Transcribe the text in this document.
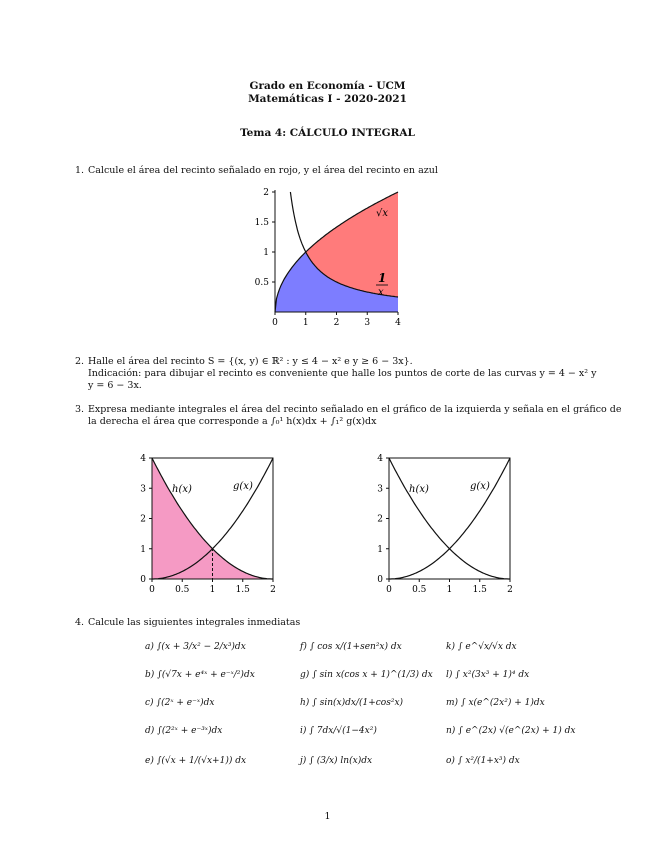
Grado en Economía - UCM
Matemáticas I - 2020-2021
Tema 4: CÁLCULO INTEGRAL
1. Calcule el área del recinto señalado en rojo, y el área del recinto en azul
0	1	2	3	4
0.5
1
1.5
2
√x
1
x
2. Halle el área del recinto S = {(x, y) ∈ ℝ² : y ≤ 4 − x² e y ≥ 6 − 3x}.
Indicación: para dibujar el recinto es conveniente que halle los puntos de corte de las curvas y = 4 − x² y
y = 6 − 3x.
3. Expresa mediante integrales el área del recinto señalado en el gráfico de la izquierda y señala en el gráfico de
la derecha el área que corresponde a ∫₀¹ h(x)dx + ∫₁² g(x)dx
0 0.5 1 1.5 2
0
1
2
3
4
h(x)	g(x)
0 0.5 1 1.5 2
0
1
2
3
4
h(x)	g(x)
4. Calcule las siguientes integrales inmediatas
a) ∫(x + 3/x² − 2/x³)dx
b) ∫(√7x + e⁴ˣ + e⁻ˣ/²)dx
c) ∫(2ˣ + e⁻ˣ)dx
d) ∫(2²ˣ + e⁻³ˣ)dx
e) ∫(√x + 1/(√x+1)) dx
f) ∫ cos x/(1+sen²x) dx
g) ∫ sin x(cos x + 1)^(1/3) dx
h) ∫ sin(x)dx/(1+cos²x)
i) ∫ 7dx/√(1−4x²)
j) ∫ (3/x) ln(x)dx
k) ∫ e^√x/√x dx
l) ∫ x²(3x³ + 1)⁴ dx
m) ∫ x(e^(2x²) + 1)dx
n) ∫ e^(2x) √(e^(2x) + 1) dx
o) ∫ x²/(1+x³) dx
1
